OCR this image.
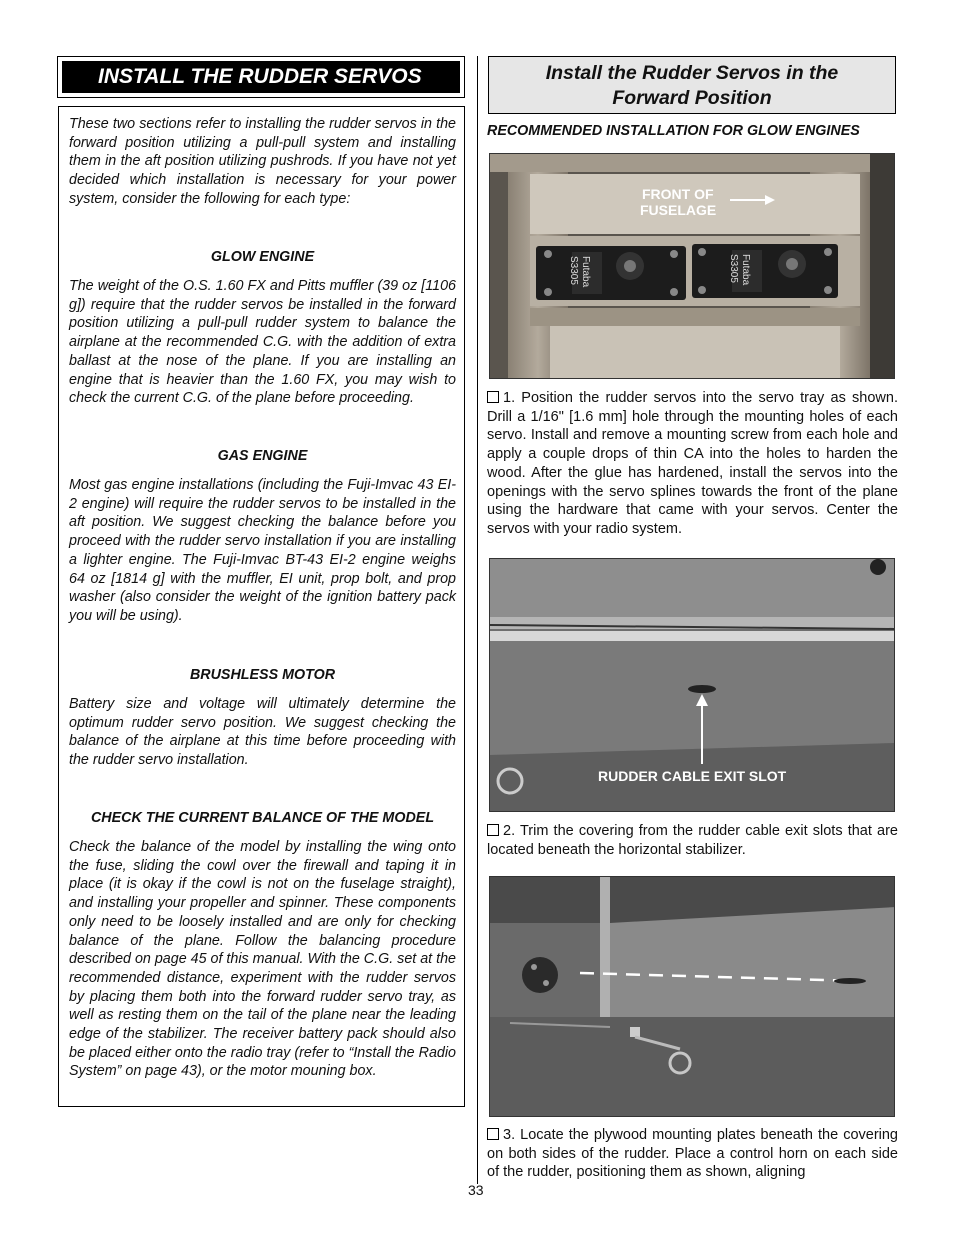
INSTALL THE RUDDER SERVOS

These two sections refer to installing the rudder servos in the forward position utilizing a pull-pull system and installing them in the aft position utilizing pushrods. If you have not yet decided which installation is necessary for your power system, consider the following for each type:

GLOW ENGINE

The weight of the O.S. 1.60 FX and Pitts muffler (39 oz [1106 g]) require that the rudder servos be installed in the forward position utilizing a pull-pull rudder system to balance the airplane at the recommended C.G. with the addition of extra ballast at the nose of the plane. If you are installing an engine that is heavier than the 1.60 FX, you may wish to check the current C.G. of the plane before proceeding.

GAS ENGINE

Most gas engine installations (including the Fuji-Imvac 43 EI-2 engine) will require the rudder servos to be installed in the aft position. We suggest checking the balance before you proceed with the rudder servo installation if you are installing a lighter engine. The Fuji-Imvac BT-43 EI-2 engine weighs 64 oz [1814 g] with the muffler, EI unit, prop bolt, and prop washer (also consider the weight of the ignition battery pack you will be using).

BRUSHLESS MOTOR

Battery size and voltage will ultimately determine the optimum rudder servo position. We suggest checking the balance of the airplane at this time before proceeding with the rudder servo installation.

CHECK THE CURRENT BALANCE OF THE MODEL

Check the balance of the model by installing the wing onto the fuse, sliding the cowl over the firewall and taping it in place (it is okay if the cowl is not on the fuselage straight), and installing your propeller and spinner. These components only need to be loosely installed and are only for checking balance of the plane. Follow the balancing procedure described on page 45 of this manual. With the C.G. set at the recommended distance, experiment with the rudder servos by placing them both into the forward rudder servo tray, as well as resting them on the tail of the plane near the leading edge of the stabilizer. The receiver battery pack should also be placed either onto the radio tray (refer to “Install the Radio System” on page 43), or the motor mouning box.

Install the Rudder Servos in the
Forward Position
RECOMMENDED INSTALLATION FOR GLOW ENGINES
FRONT OF
FUSELAGE
Futaba
S3305	Futaba
S3305

1. Position the rudder servos into the servo tray as shown. Drill a 1/16" [1.6 mm] hole through the mounting holes of each servo. Install and remove a mounting screw from each hole and apply a couple drops of thin CA into the holes to harden the wood. After the glue has hardened, install the servos into the openings with the servo splines towards the front of the plane using the hardware that came with your servos. Center the servos with your radio system.

RUDDER CABLE EXIT SLOT

2. Trim the covering from the rudder cable exit slots that are located beneath the horizontal stabilizer.

3. Locate the plywood mounting plates beneath the covering on both sides of the rudder. Place a control horn on each side of the rudder, positioning them as shown, aligning

33
